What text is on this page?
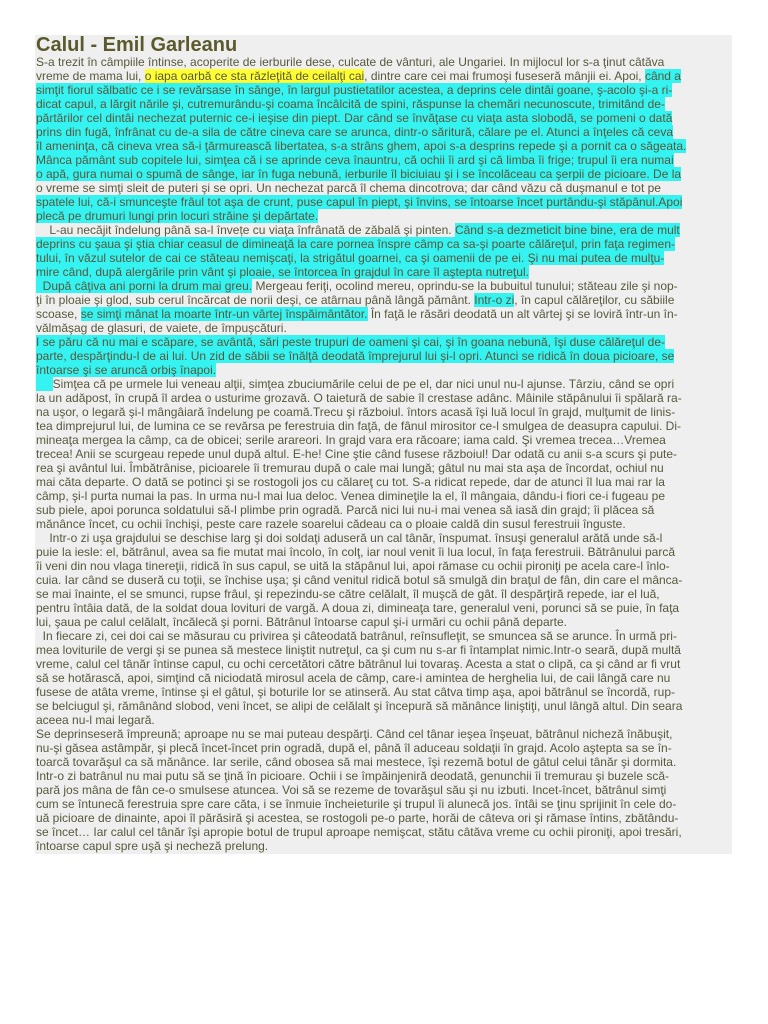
Calul - Emil Garleanu
S-a trezit în câmpiile întinse, acoperite de ierburile dese, culcate de vânturi, ale Ungariei. In mijlocul lor s-a ţinut câtăva
vreme de mama lui, o iapa oarbă ce sta răzleţită de ceilalţi cai, dintre care cei mai frumoşi fuseseră mânjii ei. Apoi, când a
simţit fiorul sălbatic ce i se revărsase în sânge, în largul pustietatilor acestea, a deprins cele dintâi goane, ş-acolo şi-a ri-
dicat capul, a lărgit nările şi, cutremurându-şi coama încâlcită de spini, răspunse la chemări necunoscute, trimitând de-
părtărilor cel dintâi nechezat puternic ce-i ieşise din piept. Dar când se învăţase cu viaţa asta slobodă, se pomeni o dată
prins din fugă, înfrânat cu de-a sila de către cineva care se arunca, dintr-o săritură, călare pe el. Atunci a înţeles că ceva
îl ameninţa, că cineva vrea să-i ţărmurească libertatea, s-a strâns ghem, apoi s-a desprins repede şi a pornit ca o săgeata.
Mânca pământ sub copitele lui, simţea că i se aprinde ceva înauntru, că ochii îi ard şi că limba îi frige; trupul îi era numai
o apă, gura numai o spumă de sânge, iar în fuga nebună, ierburile îl biciuiau şi i se încolăceau ca şerpii de picioare. De la
o vreme se simţi sleit de puteri şi se opri. Un nechezat parcă îl chema dincotrova; dar când văzu că duşmanul e tot pe
spatele lui, că-i smunceşte frâul tot aşa de crunt, puse capul în piept, şi învins, se întoarse încet purtându-şi stăpânul.Apoi
plecă pe drumuri lungi prin locuri străine şi depărtate.
L-au necăjit îndelung până sa-l învețe cu viaţa înfrânată de zăbală şi pinten. Când s-a dezmeticit bine bine, era de mult
deprins cu şaua şi ştia chiar ceasul de dimineaţă la care pornea înspre câmp ca sa-şi poarte călăreţul, prin faţa regimen-
tului, în văzul sutelor de cai ce stăteau nemişcaţi, la strigătul goarnei, ca şi oamenii de pe ei. Şi nu mai putea de mulţu-
mire când, după alergările prin vânt şi ploaie, se întorcea în grajdul în care îl aştepta nutreţul.
După câţiva ani porni la drum mai greu. Mergeau feriţi, ocolind mereu, oprindu-se la bubuitul tunului; stăteau zile şi nop-
ţi în ploaie şi glod, sub cerul încărcat de norii deşi, ce atârnau până lângă pământ. Intr-o zi, în capul călăreţilor, cu săbiile
scoase, se simţi mânat la moarte într-un vârtej înspăimântător. În faţă le răsări deodată un alt vârtej şi se loviră într-un în-
vălmăşag de glasuri, de vaiete, de împuşcături.
I se păru că nu mai e scăpare, se avântă, sări peste trupuri de oameni şi cai, şi în goana nebună, îşi duse călăreţul de-
parte, despărţindu-l de ai lui. Un zid de săbii se înălţă deodată împrejurul lui şi-l opri. Atunci se ridică în doua picioare, se
întoarse şi se aruncă orbiş înapoi.
Simţea că pe urmele lui veneau alţii, simţea zbuciumările celui de pe el, dar nici unul nu-l ajunse. Târziu, când se opri
la un adăpost, în crupă îl ardea o usturime grozavă. O taietură de sabie îl crestase adânc. Mâinile stăpânului îi spălară ra-
na uşor, o legară şi-l mângâiară îndelung pe coamă.Trecu şi războiul. întors acasă îşi luă locul în grajd, mulţumit de linis-
tea dimprejurul lui, de lumina ce se revărsa pe ferestruia din faţă, de fânul mirositor ce-l smulgea de deasupra capului. Di-
mineaţa mergea la câmp, ca de obicei; serile arareori. In grajd vara era răcoare; iama cald. Şi vremea trecea…Vremea
trecea! Anii se scurgeau repede unul după altul. E-he! Cine ştie când fusese războiul! Dar odată cu anii s-a scurs şi pute-
rea şi avântul lui. Îmbătrânise, picioarele îi tremurau după o cale mai lungă; gâtul nu mai sta aşa de încordat, ochiul nu
mai căta departe. O dată se potinci şi se rostogoli jos cu călareţ cu tot. S-a ridicat repede, dar de atunci îl lua mai rar la
câmp, şi-l purta numai la pas. In urma nu-l mai lua deloc. Venea dimineţile la el, îl mângaia, dându-i fiori ce-i fugeau pe
sub piele, apoi porunca soldatului să-l plimbe prin ogradă. Parcă nici lui nu-i mai venea să iasă din grajd; îi plăcea să
mănânce încet, cu ochii închişi, peste care razele soarelui cădeau ca o ploaie caldă din susul ferestruii înguste.
Intr-o zi uşa grajdului se deschise larg şi doi soldaţi aduseră un cal tânăr, înspumat. însuşi generalul arătă unde să-l
puie la iesle: el, bătrânul, avea sa fie mutat mai încolo, în colţ, iar noul venit îi lua locul, în faţa ferestruii. Bătrânului parcă
îi veni din nou vlaga tinereţii, ridică în sus capul, se uită la stăpânul lui, apoi rămase cu ochii pironiţi pe acela care-l înlo-
cuia. Iar când se duseră cu toţii, se închise uşa; şi când venitul ridică botul să smulgă din braţul de fân, din care el mânca-
se mai înainte, el se smunci, rupse frâul, şi repezindu-se către celălalt, îl muşcă de gât. îl despărţiră repede, iar el luă,
pentru întâia dată, de la soldat doua lovituri de vargă. A doua zi, dimineaţa tare, generalul veni, porunci să se puie, în faţa
lui, şaua pe calul celălalt, încălecă şi porni. Bătrânul întoarse capul şi-i urmări cu ochii până departe.
In fiecare zi, cei doi cai se măsurau cu privirea şi câteodată batrânul, reînsufleţit, se smuncea să se arunce. În urmă pri-
mea loviturile de vergi şi se punea să mestece liniştit nutreţul, ca şi cum nu s-ar fi întamplat nimic.Intr-o seară, după multă
vreme, calul cel tânăr întinse capul, cu ochi cercetători către bătrânul lui tovaraş. Acesta a stat o clipă, ca şi când ar fi vrut
să se hotărască, apoi, simţind că niciodată mirosul acela de câmp, care-i amintea de herghelia lui, de caii lângă care nu
fusese de atâta vreme, întinse şi el gâtul, şi boturile lor se atinseră. Au stat câtva timp aşa, apoi bătrânul se încordă, rup-
se belciugul şi, rămânând slobod, veni încet, se alipi de celălalt şi începură să mănânce liniştiţi, unul lângă altul. Din seara
aceea nu-l mai legară.
Se deprinseseră împreună; aproape nu se mai puteau despărţi. Când cel tânar ieşea înşeuat, bătrânul nicheză înăbuşit,
nu-şi găsea astâmpăr, şi plecă încet-încet prin ogradă, după el, până îl aduceau soldaţii în grajd. Acolo aştepta sa se în-
toarcă tovarăşul ca să mănânce. Iar serile, când obosea să mai mestece, îşi rezemă botul de gâtul celui tânăr şi dormita.
Intr-o zi batrânul nu mai putu să se ţină în picioare. Ochii i se împăinjeniră deodată, genunchii îi tremurau şi buzele scă-
pară jos mâna de fân ce-o smulsese atuncea. Voi să se rezeme de tovarăşul său şi nu izbuti. Incet-încet, bătrânul simţi
cum se întunecă ferestruia spre care căta, i se înmuie încheieturile şi trupul îi alunecă jos. întâi se ţinu sprijinit în cele do-
uă picioare de dinainte, apoi îl părăsiră şi acestea, se rostogoli pe-o parte, horăi de câteva ori şi rămase întins, zbătându-
se încet… Iar calul cel tânăr îşi apropie botul de trupul aproape nemişcat, stătu câtăva vreme cu ochii pironiţi, apoi tresări,
întoarse capul spre uşă şi necheză prelung.
